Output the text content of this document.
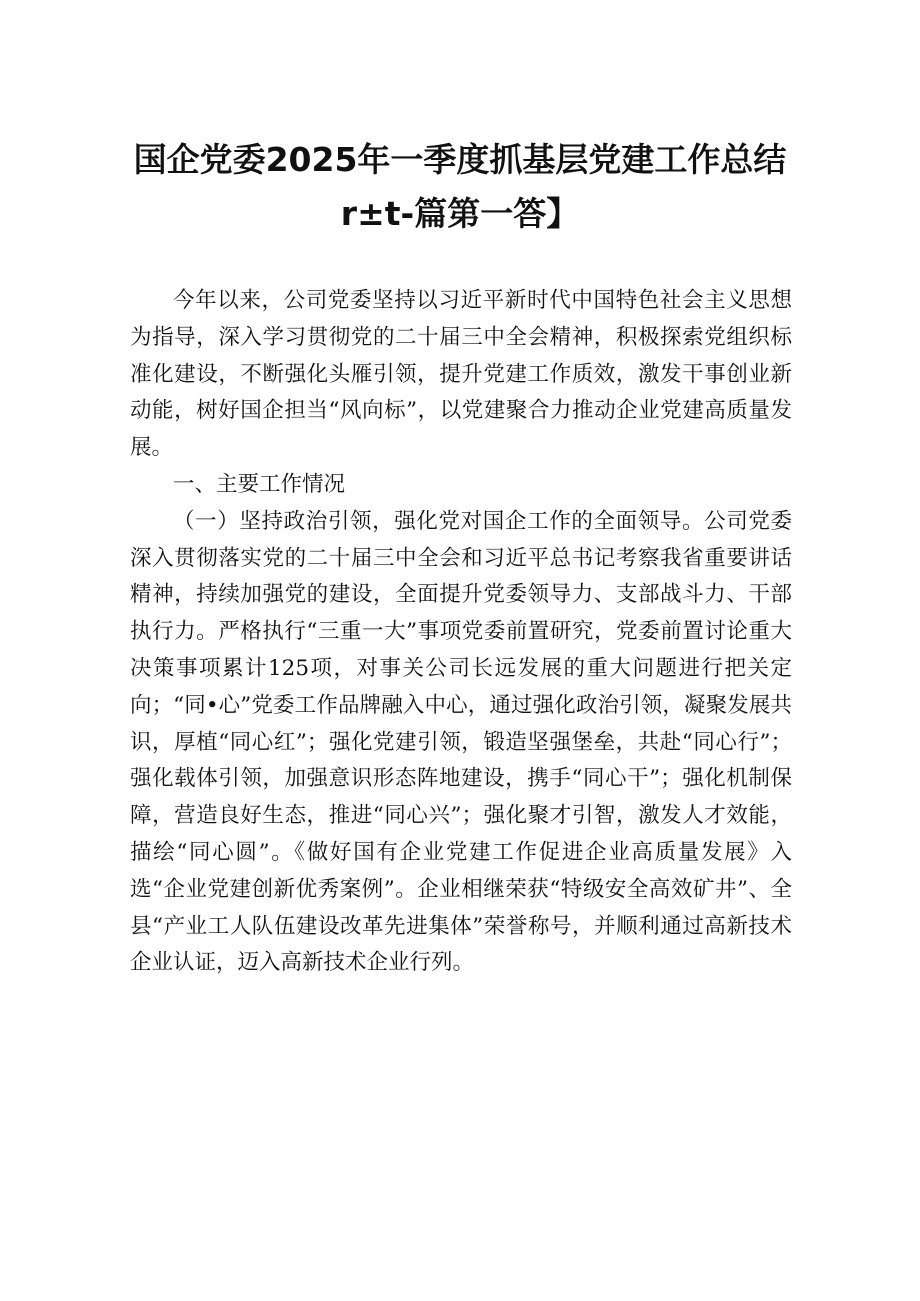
国企党委2025年一季度抓基层党建工作总结
r±t-篇第一答】

今年以来，公司党委坚持以习近平新时代中国特色社会主义思想为指导，深入学习贯彻党的二十届三中全会精神，积极探索党组织标准化建设，不断强化头雁引领，提升党建工作质效，激发干事创业新动能，树好国企担当“风向标”，以党建聚合力推动企业党建高质量发展。

一、主要工作情况

（一）坚持政治引领，强化党对国企工作的全面领导。公司党委深入贯彻落实党的二十届三中全会和习近平总书记考察我省重要讲话精神，持续加强党的建设，全面提升党委领导力、支部战斗力、干部执行力。严格执行“三重一大”事项党委前置研究，党委前置讨论重大决策事项累计125项，对事关公司长远发展的重大问题进行把关定向；“同•心”党委工作品牌融入中心，通过强化政治引领，凝聚发展共识，厚植“同心红”；强化党建引领，锻造坚强堡垒，共赴“同心行”；强化载体引领，加强意识形态阵地建设，携手“同心干”；强化机制保障，营造良好生态，推进“同心兴”；强化聚才引智，激发人才效能，描绘“同心圆”。《做好国有企业党建工作促进企业高质量发展》入选“企业党建创新优秀案例”。企业相继荣获“特级安全高效矿井”、全县“产业工人队伍建设改革先进集体”荣誉称号，并顺利通过高新技术企业认证，迈入高新技术企业行列。
